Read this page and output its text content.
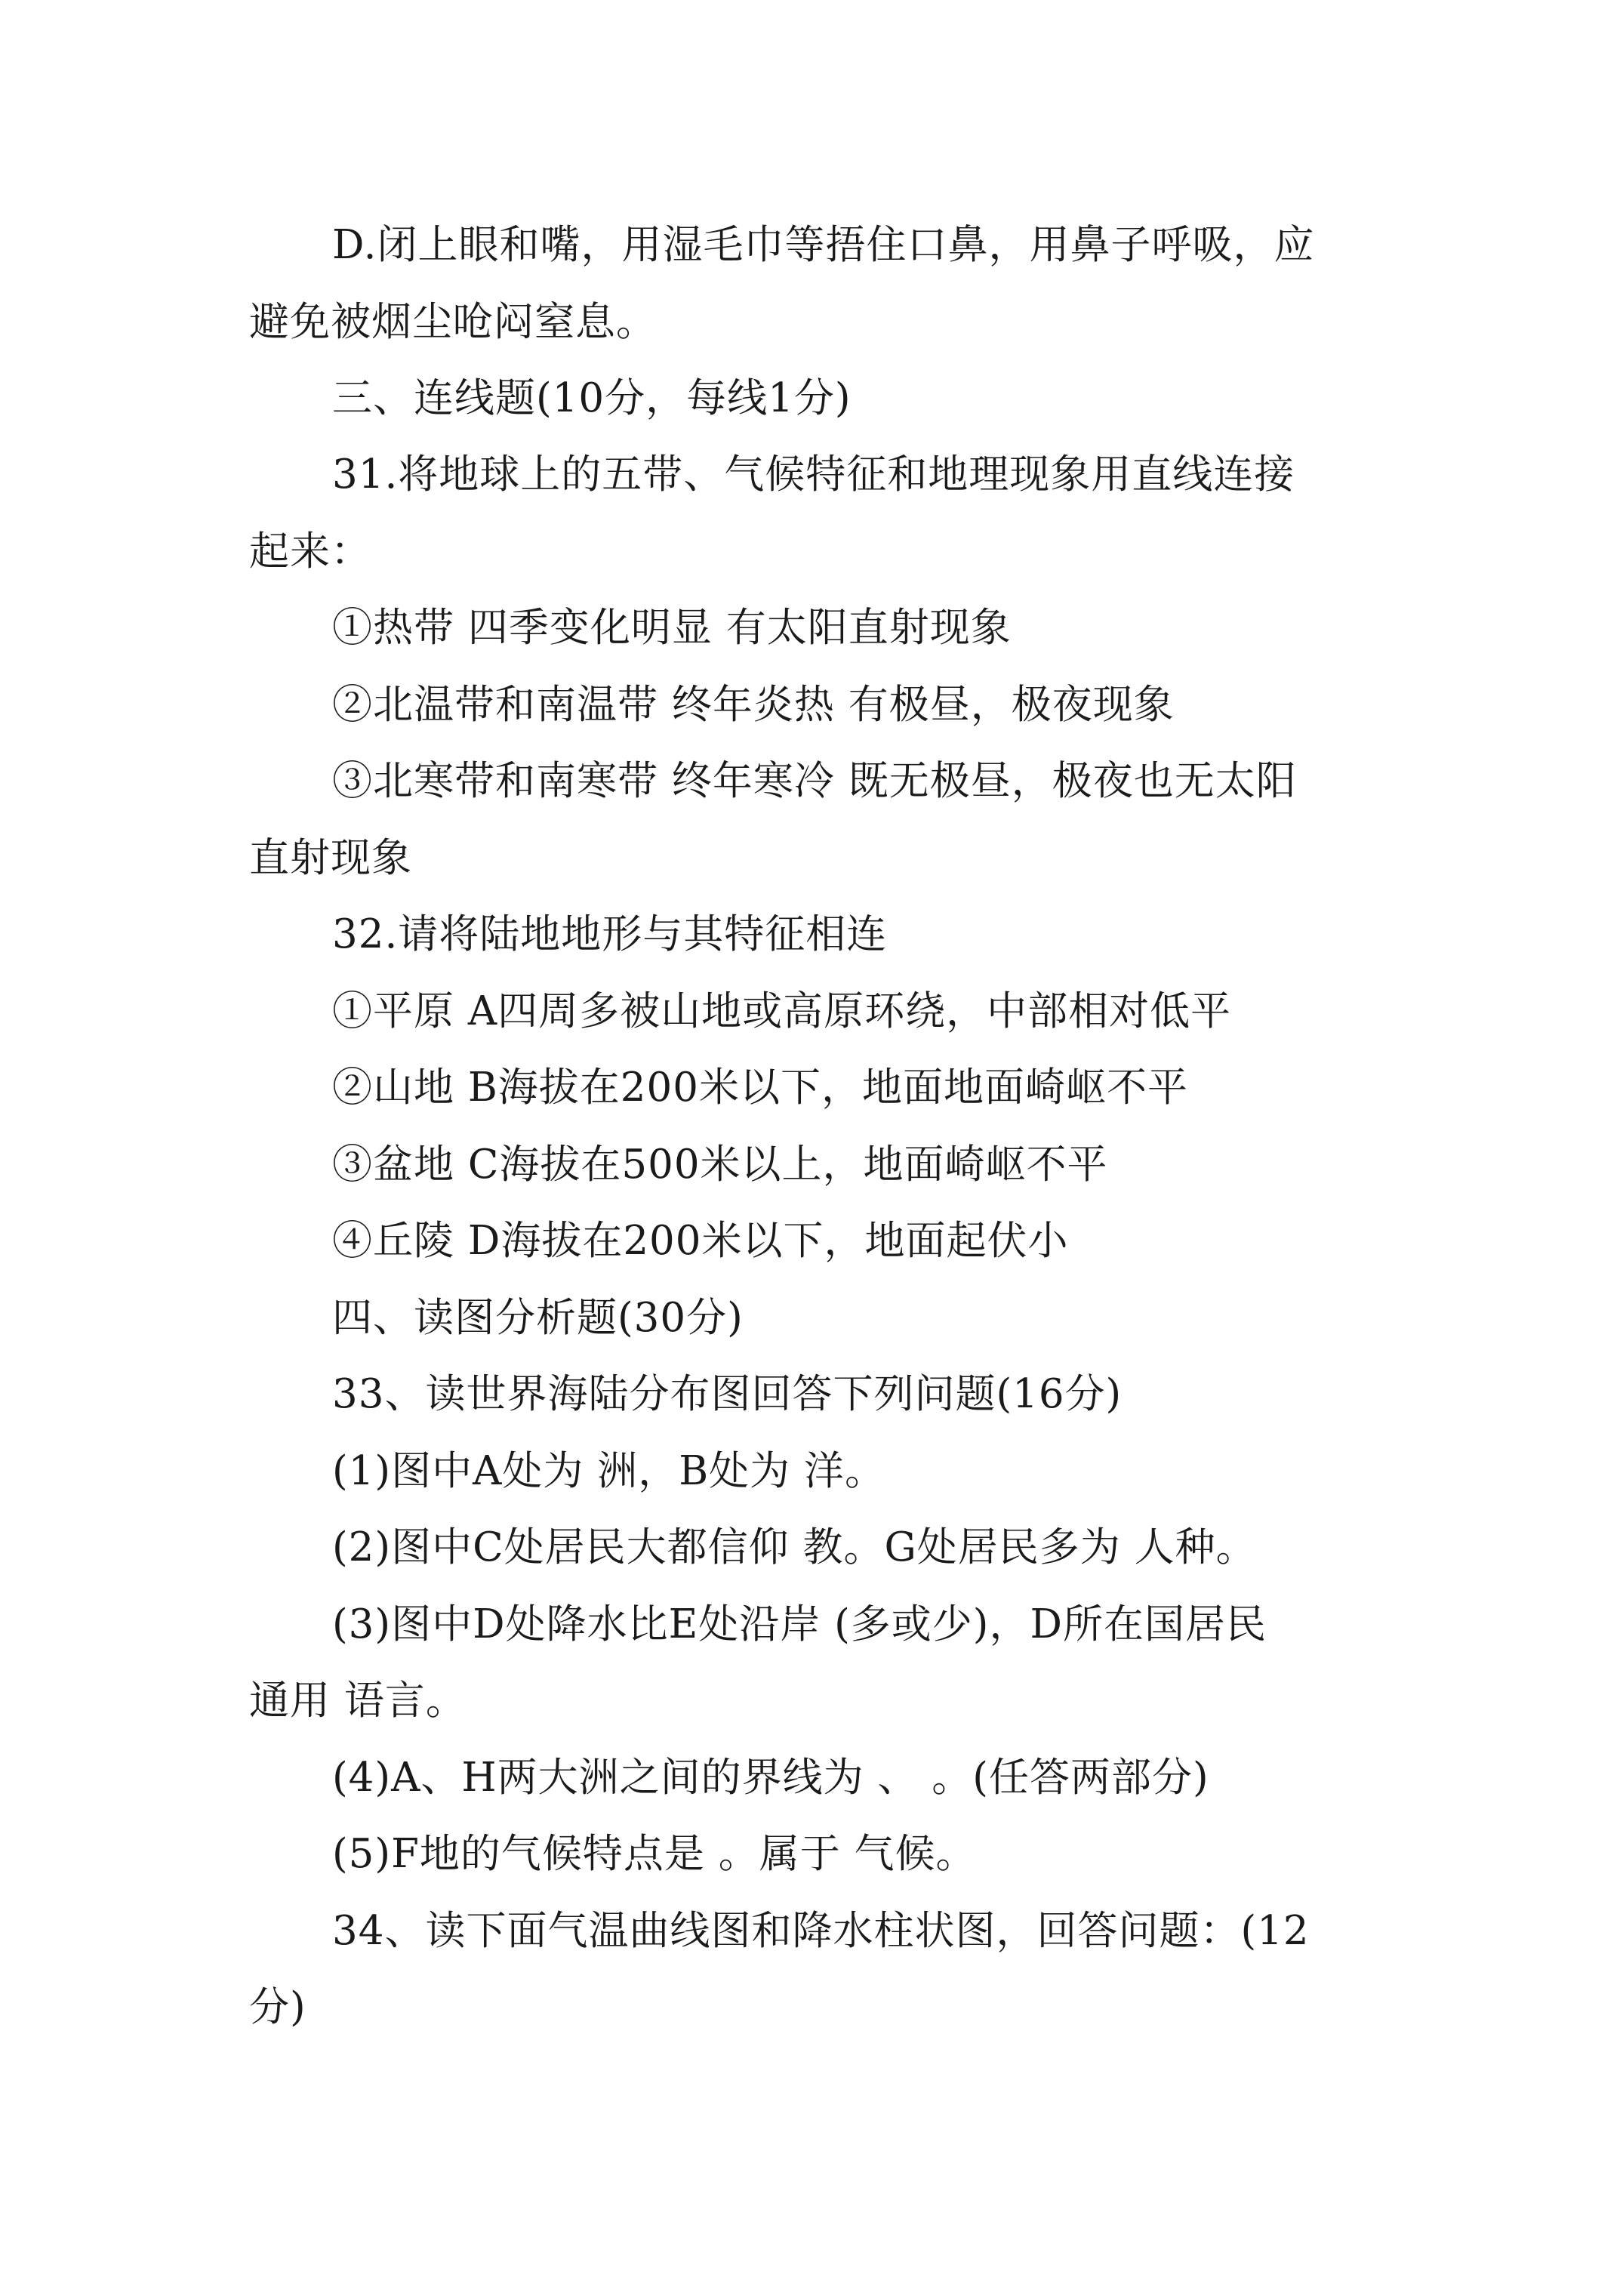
D.闭上眼和嘴，用湿毛巾等捂住口鼻，用鼻子呼吸，应
避免被烟尘呛闷窒息。
三、连线题(10分，每线1分)
31.将地球上的五带、气候特征和地理现象用直线连接
起来：
①热带 四季变化明显 有太阳直射现象
②北温带和南温带 终年炎热 有极昼，极夜现象
③北寒带和南寒带 终年寒冷 既无极昼，极夜也无太阳
直射现象
32.请将陆地地形与其特征相连
①平原 A四周多被山地或高原环绕，中部相对低平
②山地 B海拔在200米以下，地面地面崎岖不平
③盆地 C海拔在500米以上，地面崎岖不平
④丘陵 D海拔在200米以下，地面起伏小
四、读图分析题(30分)
33、读世界海陆分布图回答下列问题(16分)
(1)图中A处为 洲，B处为 洋。
(2)图中C处居民大都信仰 教。G处居民多为 人种。
(3)图中D处降水比E处沿岸 (多或少)，D所在国居民
通用 语言。
(4)A、H两大洲之间的界线为 、 。(任答两部分)
(5)F地的气候特点是 。属于 气候。
34、读下面气温曲线图和降水柱状图，回答问题：(12
分)
